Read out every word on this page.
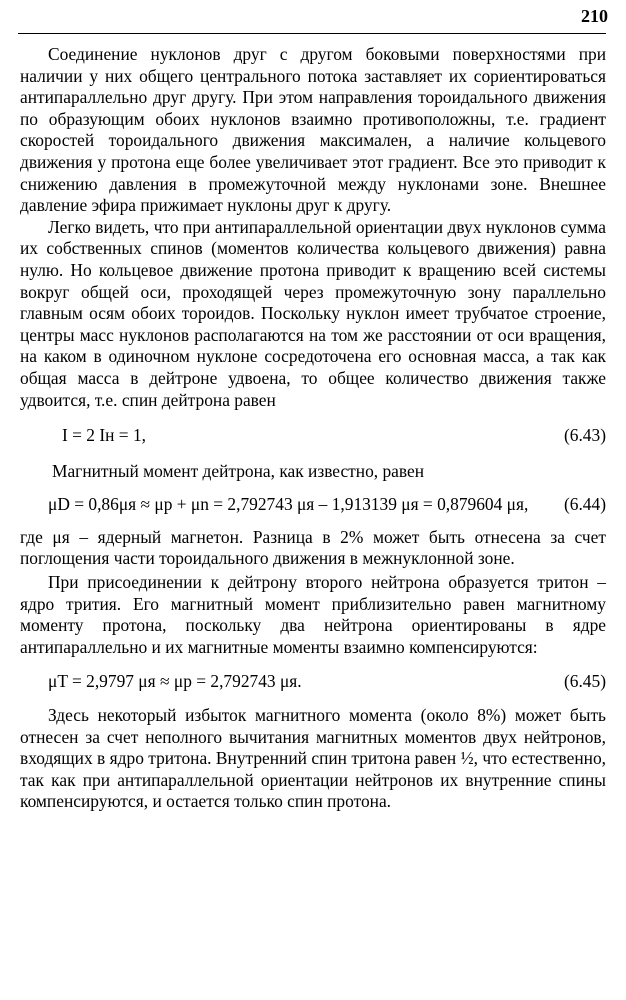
210

Соединение нуклонов друг с другом боковыми поверхностями при наличии у них общего центрального потока заставляет их сориентироваться антипараллельно друг другу. При этом направления тороидального движения по образующим обоих нуклонов взаимно противоположны, т.е. градиент скоростей тороидального движения максимален, а наличие кольцевого движения у протона еще более увеличивает этот градиент. Все это приводит к снижению давления в промежуточной между нуклонами зоне. Внешнее давление эфира прижимает нуклоны друг к другу.

Легко видеть, что при антипараллельной ориентации двух нуклонов сумма их собственных спинов (моментов количества кольцевого движения) равна нулю. Но кольцевое движение протона приводит к вращению всей системы вокруг общей оси, проходящей через промежуточную зону параллельно главным осям обоих тороидов. Поскольку нуклон имеет трубчатое строение, центры масс нуклонов располагаются на том же расстоянии от оси вращения, на каком в одиночном нуклоне сосредоточена его основная масса, а так как общая масса в дейтроне удвоена, то общее количество движения также удвоится, т.е. спин дейтрона равен

I = 2 Iн = 1,	(6.43)

Магнитный момент дейтрона, как известно, равен

μD = 0,86μя ≈ μp + μn = 2,792743 μя – 1,913139 μя = 0,879604 μя, (6.44)

где μя – ядерный магнетон. Разница в 2% может быть отнесена за счет поглощения части тороидального движения в межнуклонной зоне.

При присоединении к дейтрону второго нейтрона образуется тритон – ядро трития. Его магнитный момент приблизительно равен магнитному моменту протона, поскольку два нейтрона ориентированы в ядре антипараллельно и их магнитные моменты взаимно компенсируются:

μT = 2,9797 μя ≈ μp = 2,792743 μя.	(6.45)

Здесь некоторый избыток магнитного момента (около 8%) может быть отнесен за счет неполного вычитания магнитных моментов двух нейтронов, входящих в ядро тритона. Внутренний спин тритона равен ½, что естественно, так как при антипараллельной ориентации нейтронов их внутренние спины компенсируются, и остается только спин протона.
